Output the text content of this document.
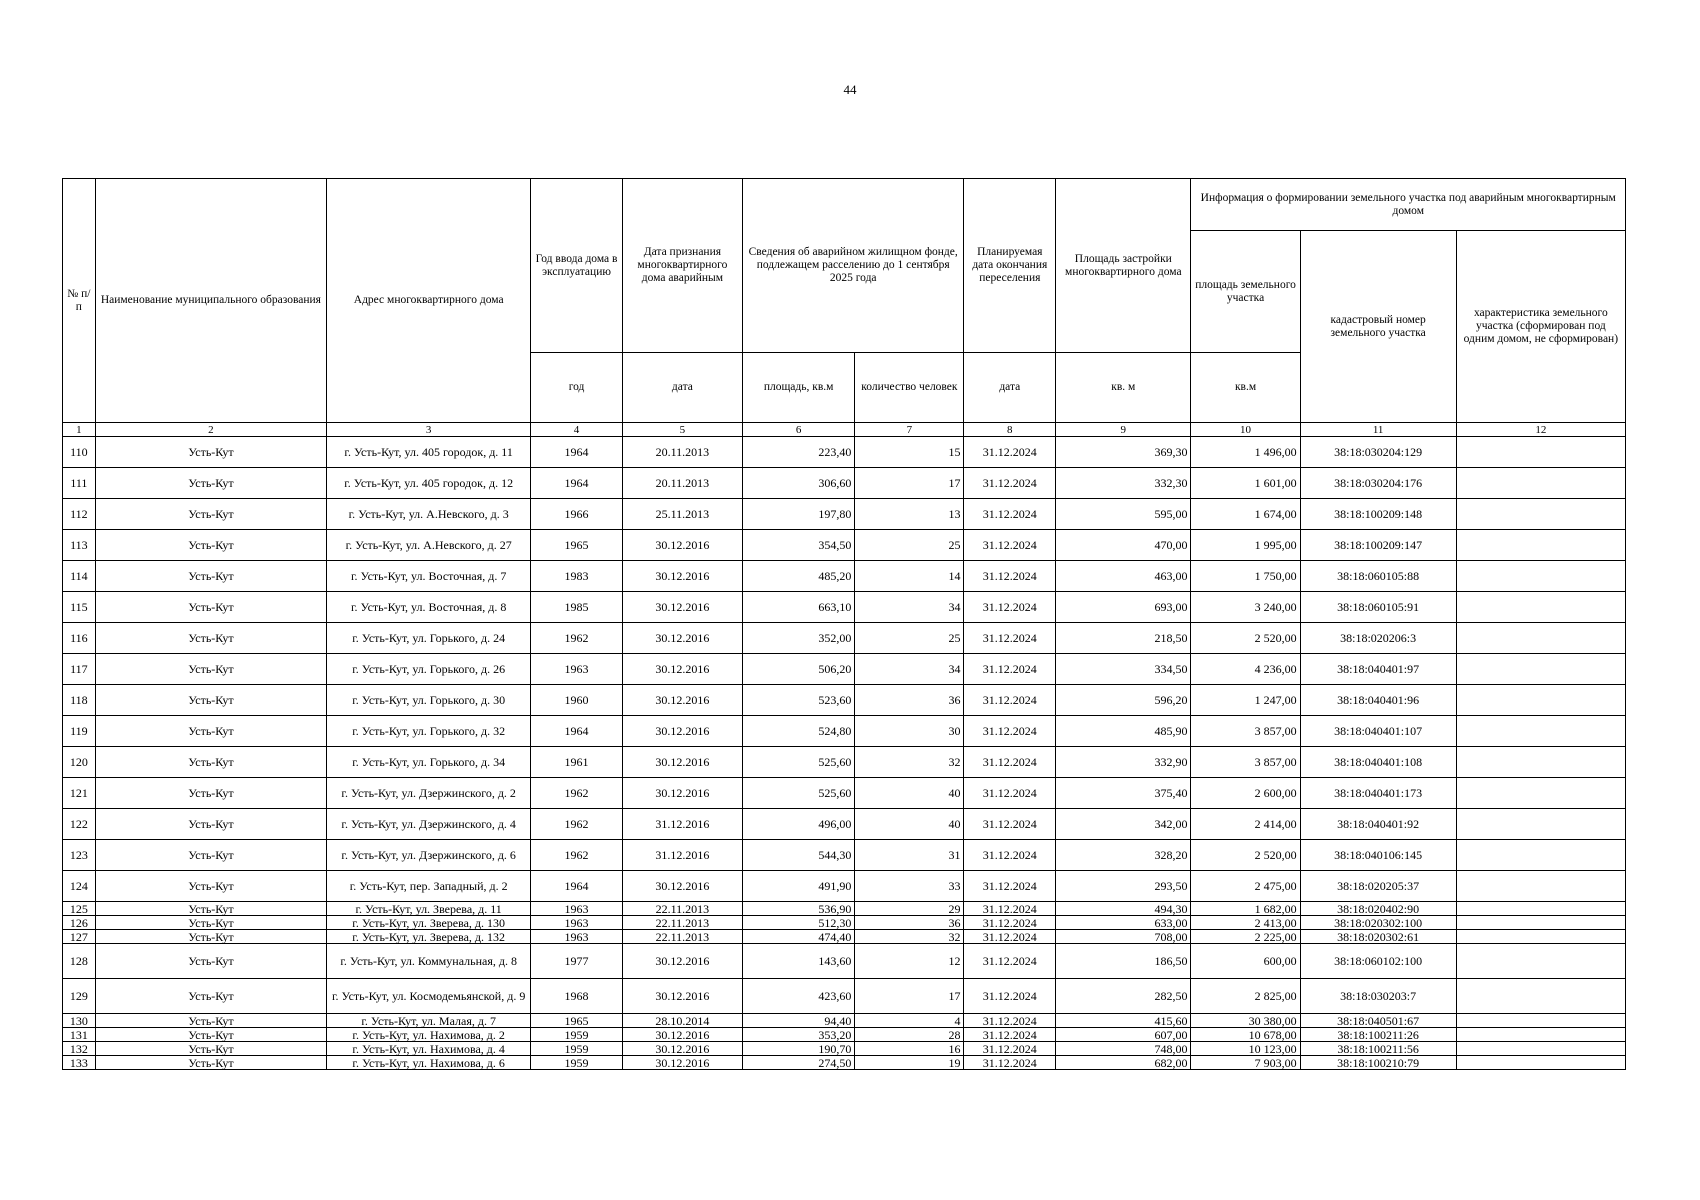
44
№ п/п	Наименование муниципального образования	Адрес многоквартирного дома	Год ввода дома в эксплуатацию	Дата признания многоквартирного дома аварийным	Сведения об аварийном жилищном фонде, подлежащем расселению до 1 сентября 2025 года		Планируемая дата окончания переселения	Площадь застройки многоквартирного дома	Информация о формировании земельного участка под аварийным многоквартирным домом		
									площадь земельного участка	кадастровый номер земельного участка	характеристика земельного участка (сформирован под одним домом, не сформирован)
			год	дата	площадь, кв.м	количество человек	дата	кв. м	кв.м		
1	2	3	4	5	6	7	8	9	10	11	12
110	Усть-Кут	г. Усть-Кут, ул. 405 городок, д. 11	1964	20.11.2013	223,40	15	31.12.2024	369,30	1 496,00	38:18:030204:129	
111	Усть-Кут	г. Усть-Кут, ул. 405 городок, д. 12	1964	20.11.2013	306,60	17	31.12.2024	332,30	1 601,00	38:18:030204:176	
112	Усть-Кут	г. Усть-Кут, ул. А.Невского, д. 3	1966	25.11.2013	197,80	13	31.12.2024	595,00	1 674,00	38:18:100209:148	
113	Усть-Кут	г. Усть-Кут, ул. А.Невского, д. 27	1965	30.12.2016	354,50	25	31.12.2024	470,00	1 995,00	38:18:100209:147	
114	Усть-Кут	г. Усть-Кут, ул. Восточная, д. 7	1983	30.12.2016	485,20	14	31.12.2024	463,00	1 750,00	38:18:060105:88	
115	Усть-Кут	г. Усть-Кут, ул. Восточная, д. 8	1985	30.12.2016	663,10	34	31.12.2024	693,00	3 240,00	38:18:060105:91	
116	Усть-Кут	г. Усть-Кут, ул. Горького, д. 24	1962	30.12.2016	352,00	25	31.12.2024	218,50	2 520,00	38:18:020206:3	
117	Усть-Кут	г. Усть-Кут, ул. Горького, д. 26	1963	30.12.2016	506,20	34	31.12.2024	334,50	4 236,00	38:18:040401:97	
118	Усть-Кут	г. Усть-Кут, ул. Горького, д. 30	1960	30.12.2016	523,60	36	31.12.2024	596,20	1 247,00	38:18:040401:96	
119	Усть-Кут	г. Усть-Кут, ул. Горького, д. 32	1964	30.12.2016	524,80	30	31.12.2024	485,90	3 857,00	38:18:040401:107	
120	Усть-Кут	г. Усть-Кут, ул. Горького, д. 34	1961	30.12.2016	525,60	32	31.12.2024	332,90	3 857,00	38:18:040401:108	
121	Усть-Кут	г. Усть-Кут, ул. Дзержинского, д. 2	1962	30.12.2016	525,60	40	31.12.2024	375,40	2 600,00	38:18:040401:173	
122	Усть-Кут	г. Усть-Кут, ул. Дзержинского, д. 4	1962	31.12.2016	496,00	40	31.12.2024	342,00	2 414,00	38:18:040401:92	
123	Усть-Кут	г. Усть-Кут, ул. Дзержинского, д. 6	1962	31.12.2016	544,30	31	31.12.2024	328,20	2 520,00	38:18:040106:145	
124	Усть-Кут	г. Усть-Кут, пер. Западный, д. 2	1964	30.12.2016	491,90	33	31.12.2024	293,50	2 475,00	38:18:020205:37	
125	Усть-Кут	г. Усть-Кут, ул. Зверева, д. 11	1963	22.11.2013	536,90	29	31.12.2024	494,30	1 682,00	38:18:020402:90	
126	Усть-Кут	г. Усть-Кут, ул. Зверева, д. 130	1963	22.11.2013	512,30	36	31.12.2024	633,00	2 413,00	38:18:020302:100	
127	Усть-Кут	г. Усть-Кут, ул. Зверева, д. 132	1963	22.11.2013	474,40	32	31.12.2024	708,00	2 225,00	38:18:020302:61	
128	Усть-Кут	г. Усть-Кут, ул. Коммунальная, д. 8	1977	30.12.2016	143,60	12	31.12.2024	186,50	600,00	38:18:060102:100	
129	Усть-Кут	г. Усть-Кут, ул. Космодемьянской, д. 9	1968	30.12.2016	423,60	17	31.12.2024	282,50	2 825,00	38:18:030203:7	
130	Усть-Кут	г. Усть-Кут, ул. Малая, д. 7	1965	28.10.2014	94,40	4	31.12.2024	415,60	30 380,00	38:18:040501:67	
131	Усть-Кут	г. Усть-Кут, ул. Нахимова, д. 2	1959	30.12.2016	353,20	28	31.12.2024	607,00	10 678,00	38:18:100211:26	
132	Усть-Кут	г. Усть-Кут, ул. Нахимова, д. 4	1959	30.12.2016	190,70	16	31.12.2024	748,00	10 123,00	38:18:100211:56	
133	Усть-Кут	г. Усть-Кут, ул. Нахимова, д. 6	1959	30.12.2016	274,50	19	31.12.2024	682,00	7 903,00	38:18:100210:79	
